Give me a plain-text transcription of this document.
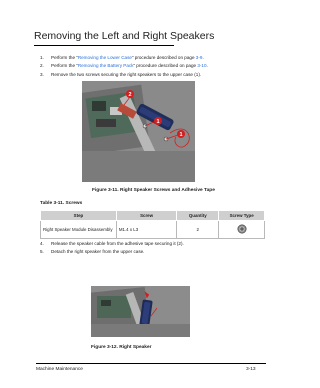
Removing the Left and Right Speakers
1. Perform the “Removing the Lower Case” procedure described on page 3-9.
2. Perform the “Removing the Battery Pack” procedure described on page 3-10.
3. Remove the two screws securing the right speakers to the upper case (1).
2
1
1
Figure 3-11. Right Speaker Screws and Adhesive Tape
Table 3-11. Screws
Step	Screw	Quantity	Screw Type
Right Speaker Module Disassembly	M1.4 x L3	2	
4. Release the speaker cable from the adhesive tape securing it (2).
5. Detach the right speaker from the upper case.
Figure 3-12. Right Speaker
Machine Maintenance	3-13
